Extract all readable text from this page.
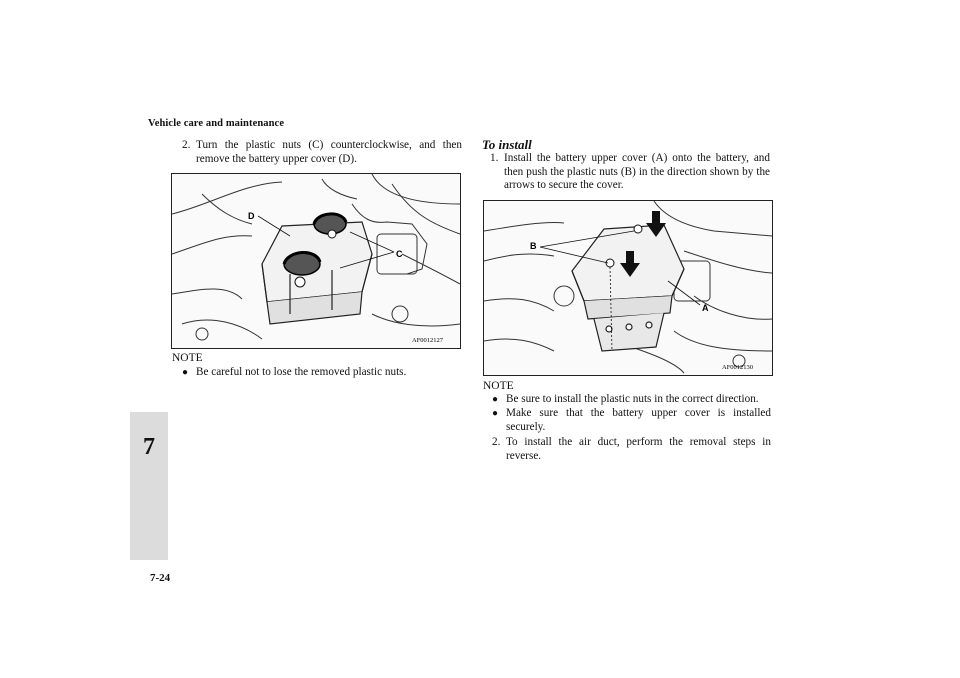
Vehicle care and maintenance
7
7-24
2. Turn the plastic nuts (C) counterclockwise, and then remove the battery upper cover (D).
D
C
AF0012127
NOTE
● Be careful not to lose the removed plastic nuts.
To install
1. Install the battery upper cover (A) onto the battery, and then push the plastic nuts (B) in the direction shown by the arrows to secure the cover.
B
A
AF0012130
NOTE
● Be sure to install the plastic nuts in the correct direction.
● Make sure that the battery upper cover is installed securely.
2. To install the air duct, perform the removal steps in reverse.
